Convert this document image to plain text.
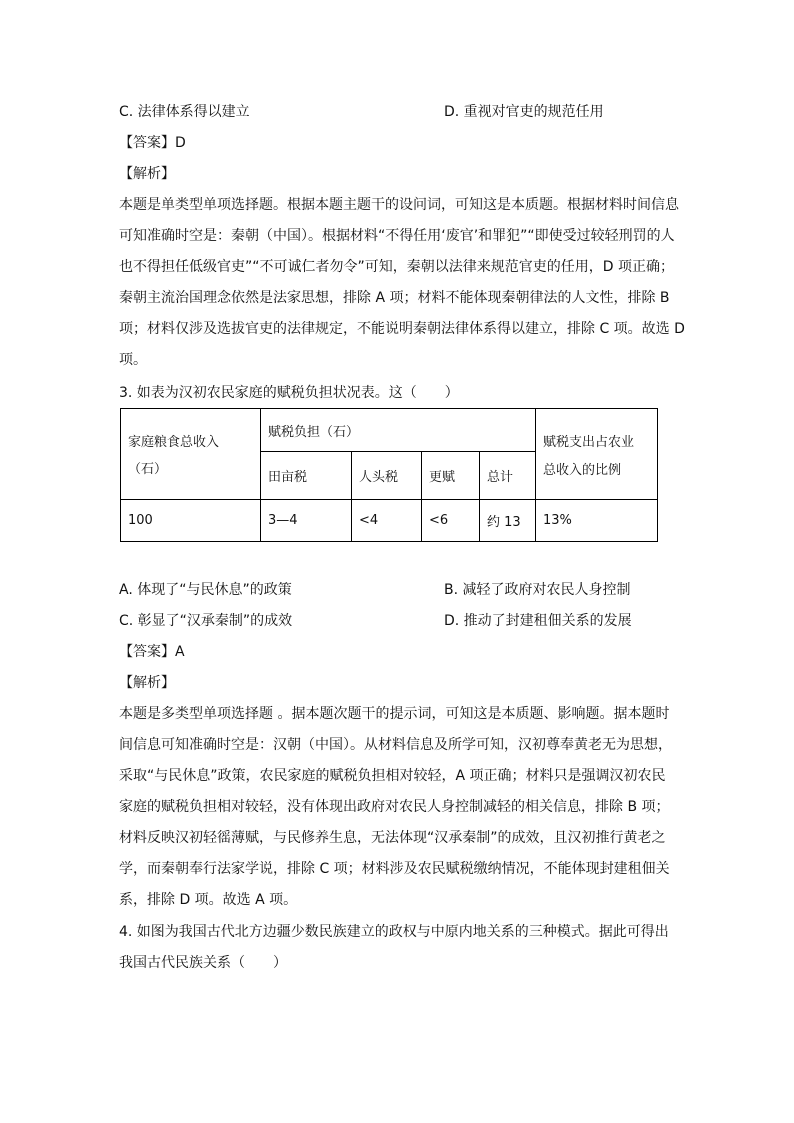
C. 法律体系得以建立	D. 重视对官吏的规范任用
【答案】D
【解析】
本题是单类型单项选择题。根据本题主题干的设问词，可知这是本质题。根据材料时间信息
可知准确时空是：秦朝（中国）。根据材料“不得任用‘废官’和罪犯”“即使受过较轻刑罚的人
也不得担任低级官吏”“不可诚仁者勿令”可知，秦朝以法律来规范官吏的任用，D 项正确；
秦朝主流治国理念依然是法家思想，排除 A 项；材料不能体现秦朝律法的人文性，排除 B
项；材料仅涉及选拔官吏的法律规定，不能说明秦朝法律体系得以建立，排除 C 项。故选 D
项。
3. 如表为汉初农民家庭的赋税负担状况表。这（　　）
家庭粮食总收入
（石）	赋税负担（石）				赋税支出占农业
总收入的比例

	田亩税	人头税	更赋	总计	
100	3—4	<4	<6	约 13	13%
A. 体现了“与民休息”的政策	B. 减轻了政府对农民人身控制
C. 彰显了“汉承秦制”的成效	D. 推动了封建租佃关系的发展
【答案】A
【解析】
本题是多类型单项选择题 。据本题次题干的提示词，可知这是本质题、影响题。据本题时
间信息可知准确时空是：汉朝（中国）。从材料信息及所学可知，汉初尊奉黄老无为思想，
采取“与民休息”政策，农民家庭的赋税负担相对较轻，A 项正确；材料只是强调汉初农民
家庭的赋税负担相对较轻，没有体现出政府对农民人身控制减轻的相关信息，排除 B 项；
材料反映汉初轻徭薄赋，与民修养生息，无法体现“汉承秦制”的成效，且汉初推行黄老之
学，而秦朝奉行法家学说，排除 C 项；材料涉及农民赋税缴纳情况，不能体现封建租佃关
系，排除 D 项。故选 A 项。
4. 如图为我国古代北方边疆少数民族建立的政权与中原内地关系的三种模式。据此可得出
我国古代民族关系（　　）
